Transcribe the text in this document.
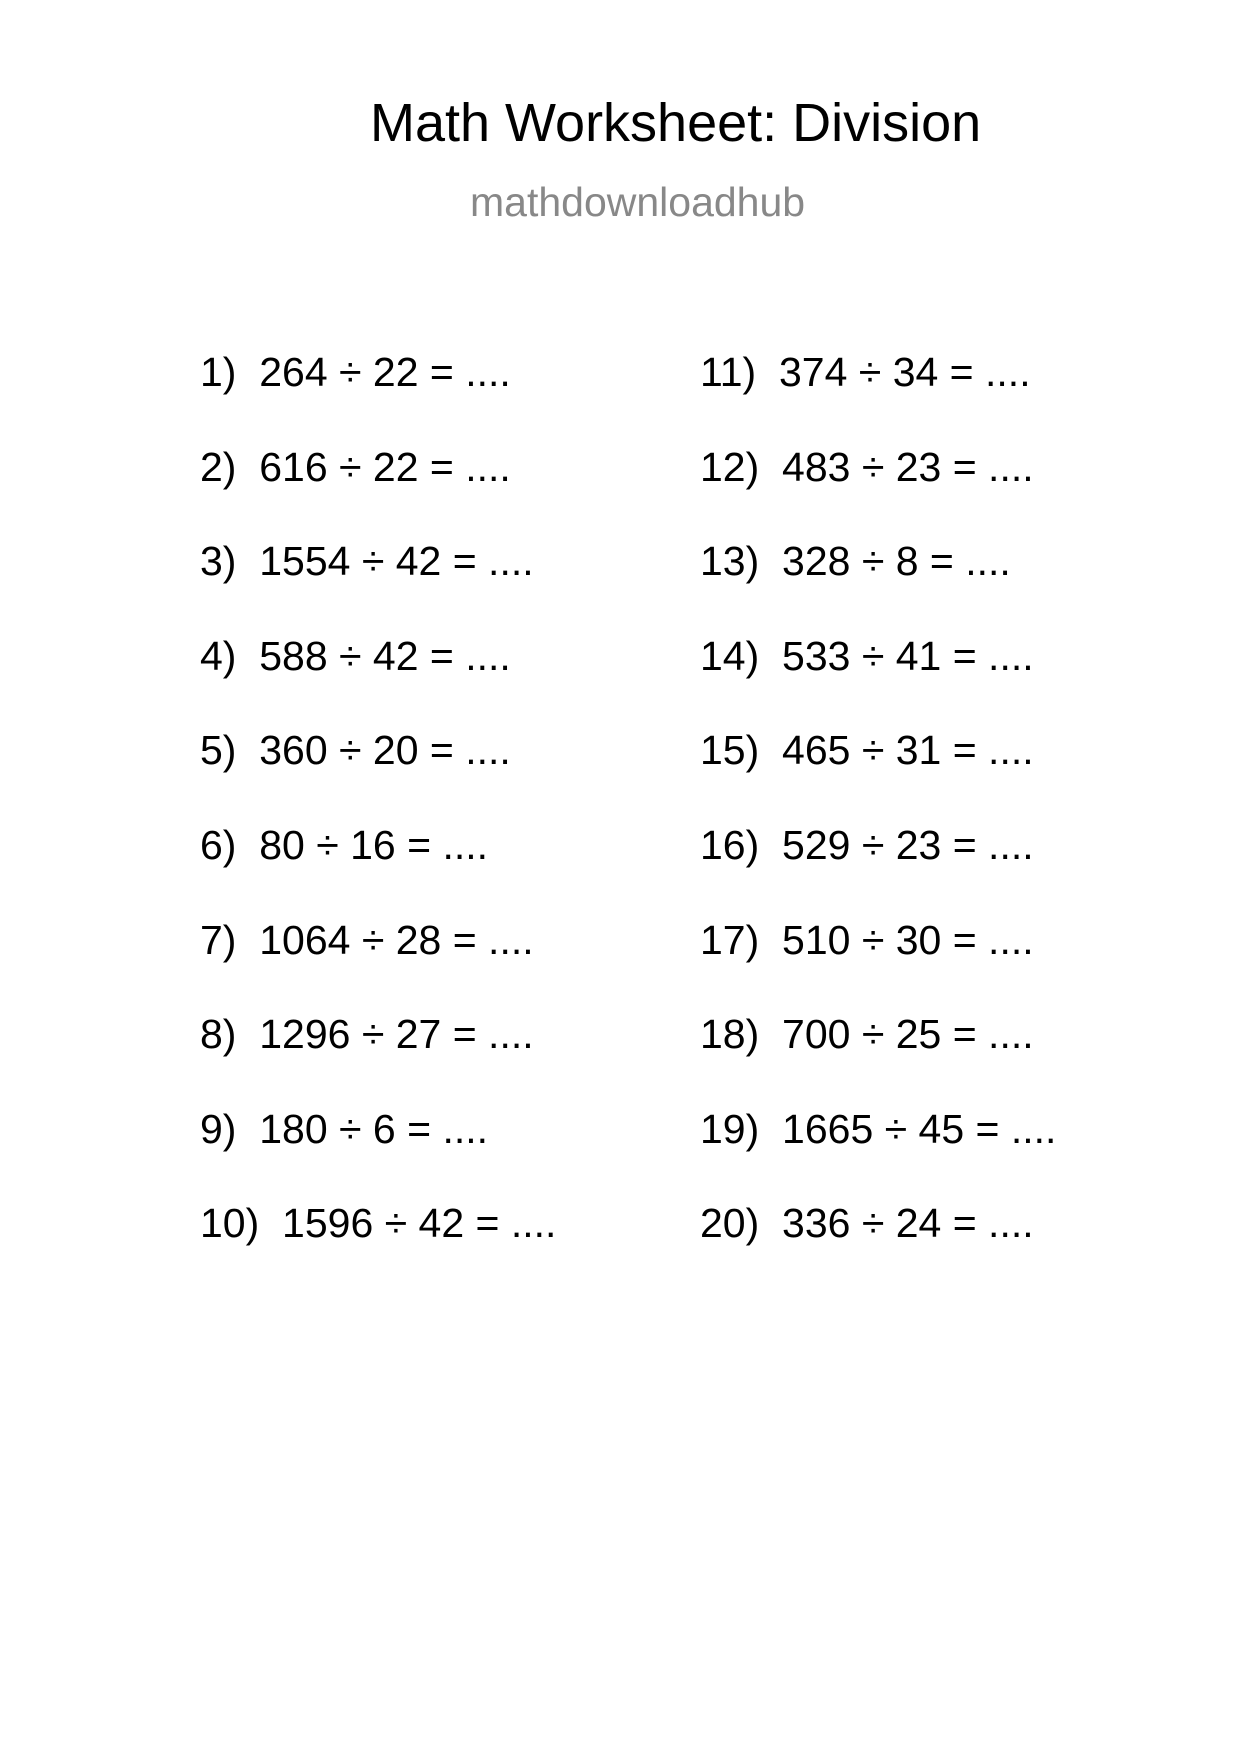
Math Worksheet: Division
mathdownloadhub
1)  264 ÷ 22 = ....
2)  616 ÷ 22 = ....
3)  1554 ÷ 42 = ....
4)  588 ÷ 42 = ....
5)  360 ÷ 20 = ....
6)  80 ÷ 16 = ....
7)  1064 ÷ 28 = ....
8)  1296 ÷ 27 = ....
9)  180 ÷ 6 = ....
10)  1596 ÷ 42 = ....
11)  374 ÷ 34 = ....
12)  483 ÷ 23 = ....
13)  328 ÷ 8 = ....
14)  533 ÷ 41 = ....
15)  465 ÷ 31 = ....
16)  529 ÷ 23 = ....
17)  510 ÷ 30 = ....
18)  700 ÷ 25 = ....
19)  1665 ÷ 45 = ....
20)  336 ÷ 24 = ....
